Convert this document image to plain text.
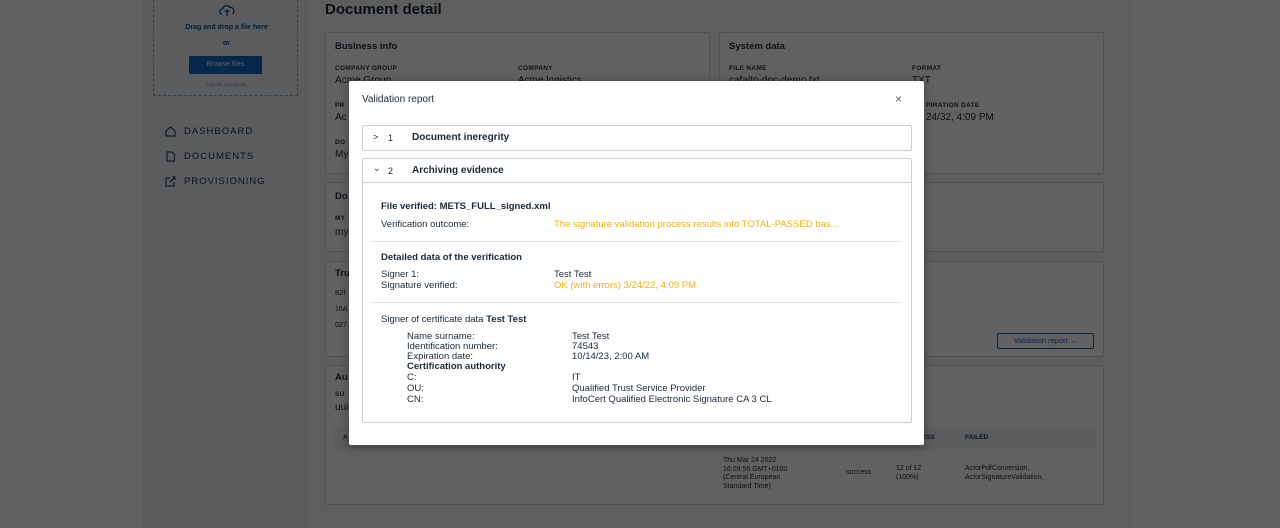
Validation report	×
> 1 Document ineregrity
⌄ 2 Archiving evidence
File verified: METS_FULL_signed.xml
Verification outcome:	The signature validation process results into TOTAL-PASSED bas...
Detailed data of the verification
Signer 1:	Test Test
Signature verified:	OK (with errors) 3/24/22, 4:09 PM
Signer of certificate data Test Test
Name surname:	Test Test
Identification number:	74543
Expiration date:	10/14/23, 2:00 AM
Certification authority
C:	IT
OU:	Qualified Trust Service Provider
CN:	InfoCert Qualified Electronic Signature CA 3 CL
